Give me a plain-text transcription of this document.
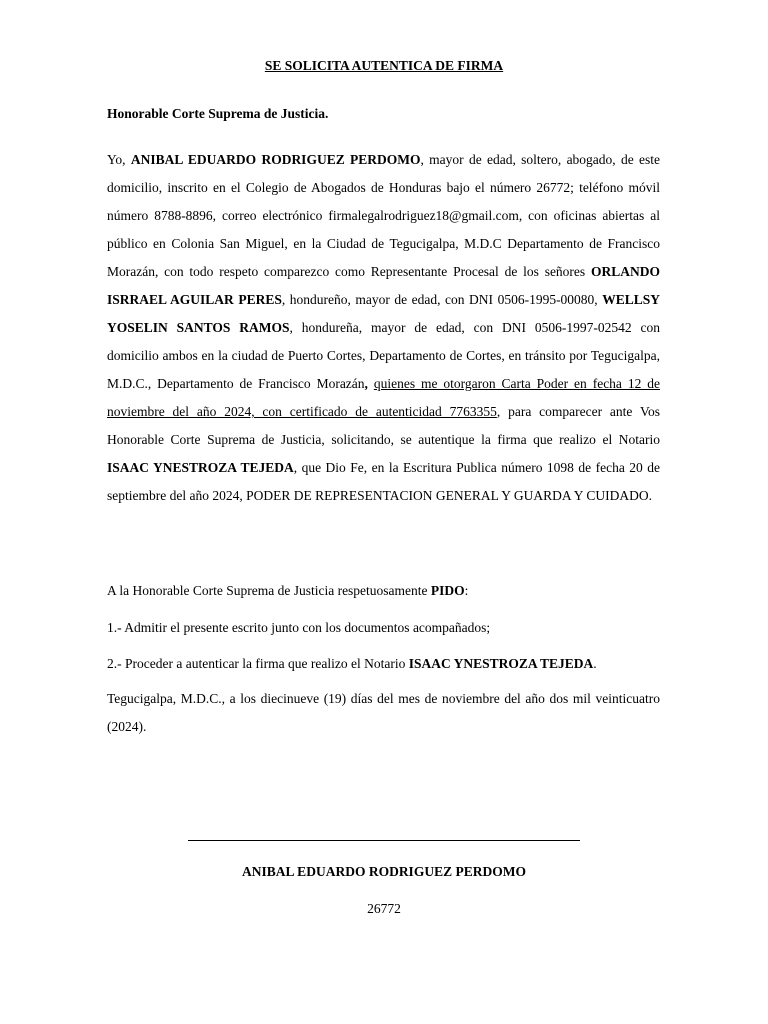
SE SOLICITA AUTENTICA DE FIRMA
Honorable Corte Suprema de Justicia.
Yo, ANIBAL EDUARDO RODRIGUEZ PERDOMO, mayor de edad, soltero, abogado, de este domicilio, inscrito en el Colegio de Abogados de Honduras bajo el número 26772; teléfono móvil número 8788-8896, correo electrónico firmalegalrodriguez18@gmail.com, con oficinas abiertas al público en Colonia San Miguel, en la Ciudad de Tegucigalpa, M.D.C Departamento de Francisco Morazán, con todo respeto comparezco como Representante Procesal de los señores ORLANDO ISRRAEL AGUILAR PERES, hondureño, mayor de edad, con DNI 0506-1995-00080, WELLSY YOSELIN SANTOS RAMOS, hondureña, mayor de edad, con DNI 0506-1997-02542 con domicilio ambos en la ciudad de Puerto Cortes, Departamento de Cortes, en tránsito por Tegucigalpa, M.D.C., Departamento de Francisco Morazán, quienes me otorgaron Carta Poder en fecha 12 de noviembre del año 2024, con certificado de autenticidad 7763355, para comparecer ante Vos Honorable Corte Suprema de Justicia, solicitando, se autentique la firma que realizo el Notario ISAAC YNESTROZA TEJEDA, que Dio Fe, en la Escritura Publica número 1098 de fecha 20 de septiembre del año 2024, PODER DE REPRESENTACION GENERAL Y GUARDA Y CUIDADO.
A la Honorable Corte Suprema de Justicia respetuosamente PIDO:
1.- Admitir el presente escrito junto con los documentos acompañados;
2.- Proceder a autenticar la firma que realizo el Notario ISAAC YNESTROZA TEJEDA.
Tegucigalpa, M.D.C., a los diecinueve (19) días del mes de noviembre del año dos mil veinticuatro (2024).
ANIBAL EDUARDO RODRIGUEZ PERDOMO
26772
